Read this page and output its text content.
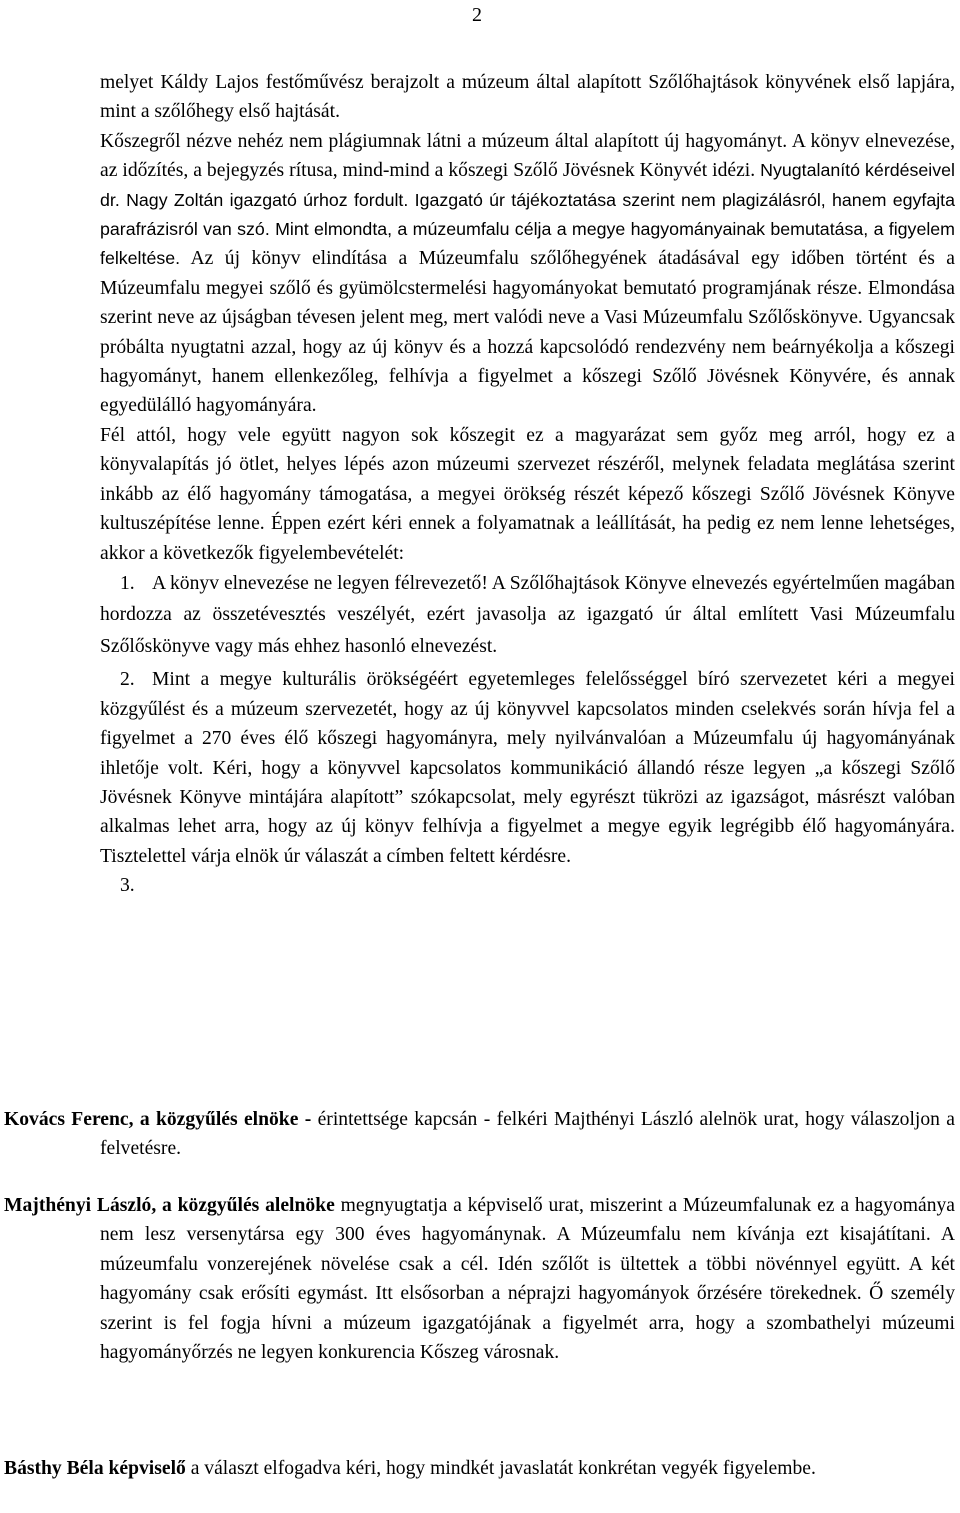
2

melyet Káldy Lajos festőművész berajzolt a múzeum által alapított Szőlőhajtások könyvének első lapjára, mint a szőlőhegy első hajtását.

Kőszegről nézve nehéz nem plágiumnak látni a múzeum által alapított új hagyományt. A könyv elnevezése, az időzítés, a bejegyzés rítusa, mind-mind a kőszegi Szőlő Jövésnek Könyvét idézi. Nyugtalanító kérdéseivel dr. Nagy Zoltán igazgató úrhoz fordult. Igazgató úr tájékoztatása szerint nem plagizálásról, hanem egyfajta parafrázisról van szó. Mint elmondta, a múzeumfalu célja a megye hagyományainak bemutatása, a figyelem felkeltése. Az új könyv elindítása a Múzeumfalu szőlőhegyének átadásával egy időben történt és a Múzeumfalu megyei szőlő és gyümölcstermelési hagyományokat bemutató programjának része. Elmondása szerint neve az újságban tévesen jelent meg, mert valódi neve a Vasi Múzeumfalu Szőlőskönyve. Ugyancsak próbálta nyugtatni azzal, hogy az új könyv és a hozzá kapcsolódó rendezvény nem beárnyékolja a kőszegi hagyományt, hanem ellenkezőleg, felhívja a figyelmet a kőszegi Szőlő Jövésnek Könyvére, és annak egyedülálló hagyományára.

Fél attól, hogy vele együtt nagyon sok kőszegit ez a magyarázat sem győz meg arról, hogy ez a könyvalapítás jó ötlet, helyes lépés azon múzeumi szervezet részéről, melynek feladata meglátása szerint inkább az élő hagyomány támogatása, a megyei örökség részét képező kőszegi Szőlő Jövésnek Könyve kultuszépítése lenne. Éppen ezért kéri ennek a folyamatnak a leállítását, ha pedig ez nem lenne lehetséges, akkor a következők figyelembevételét:

1. A könyv elnevezése ne legyen félrevezető! A Szőlőhajtások Könyve elnevezés egyértelműen magában hordozza az összetévesztés veszélyét, ezért javasolja az igazgató úr által említett Vasi Múzeumfalu Szőlőskönyve vagy más ehhez hasonló elnevezést.

2. Mint a megye kulturális örökségéért egyetemleges felelősséggel bíró szervezetet kéri a megyei közgyűlést és a múzeum szervezetét, hogy az új könyvvel kapcsolatos minden cselekvés során hívja fel a figyelmet a 270 éves élő kőszegi hagyományra, mely nyilvánvalóan a Múzeumfalu új hagyományának ihletője volt. Kéri, hogy a könyvvel kapcsolatos kommunikáció állandó része legyen „a kőszegi Szőlő Jövésnek Könyve mintájára alapított” szókapcsolat, mely egyrészt tükrözi az igazságot, másrészt valóban alkalmas lehet arra, hogy az új könyv felhívja a figyelmet a megye egyik legrégibb élő hagyományára. Tisztelettel várja elnök úr válaszát a címben feltett kérdésre.

3.

Kovács Ferenc, a közgyűlés elnöke - érintettsége kapcsán - felkéri Majthényi László alelnök urat, hogy válaszoljon a felvetésre.

Majthényi László, a közgyűlés alelnöke megnyugtatja a képviselő urat, miszerint a Múzeumfalunak ez a hagyománya nem lesz versenytársa egy 300 éves hagyománynak. A Múzeumfalu nem kívánja ezt kisajátítani. A múzeumfalu vonzerejének növelése csak a cél. Idén szőlőt is ültettek a többi növénnyel együtt. A két hagyomány csak erősíti egymást. Itt elsősorban a néprajzi hagyományok őrzésére törekednek. Ő személy szerint is fel fogja hívni a múzeum igazgatójának a figyelmét arra, hogy a szombathelyi múzeumi hagyományőrzés ne legyen konkurencia Kőszeg városnak.

Básthy Béla képviselő a választ elfogadva kéri, hogy mindkét javaslatát konkrétan vegyék figyelembe.
